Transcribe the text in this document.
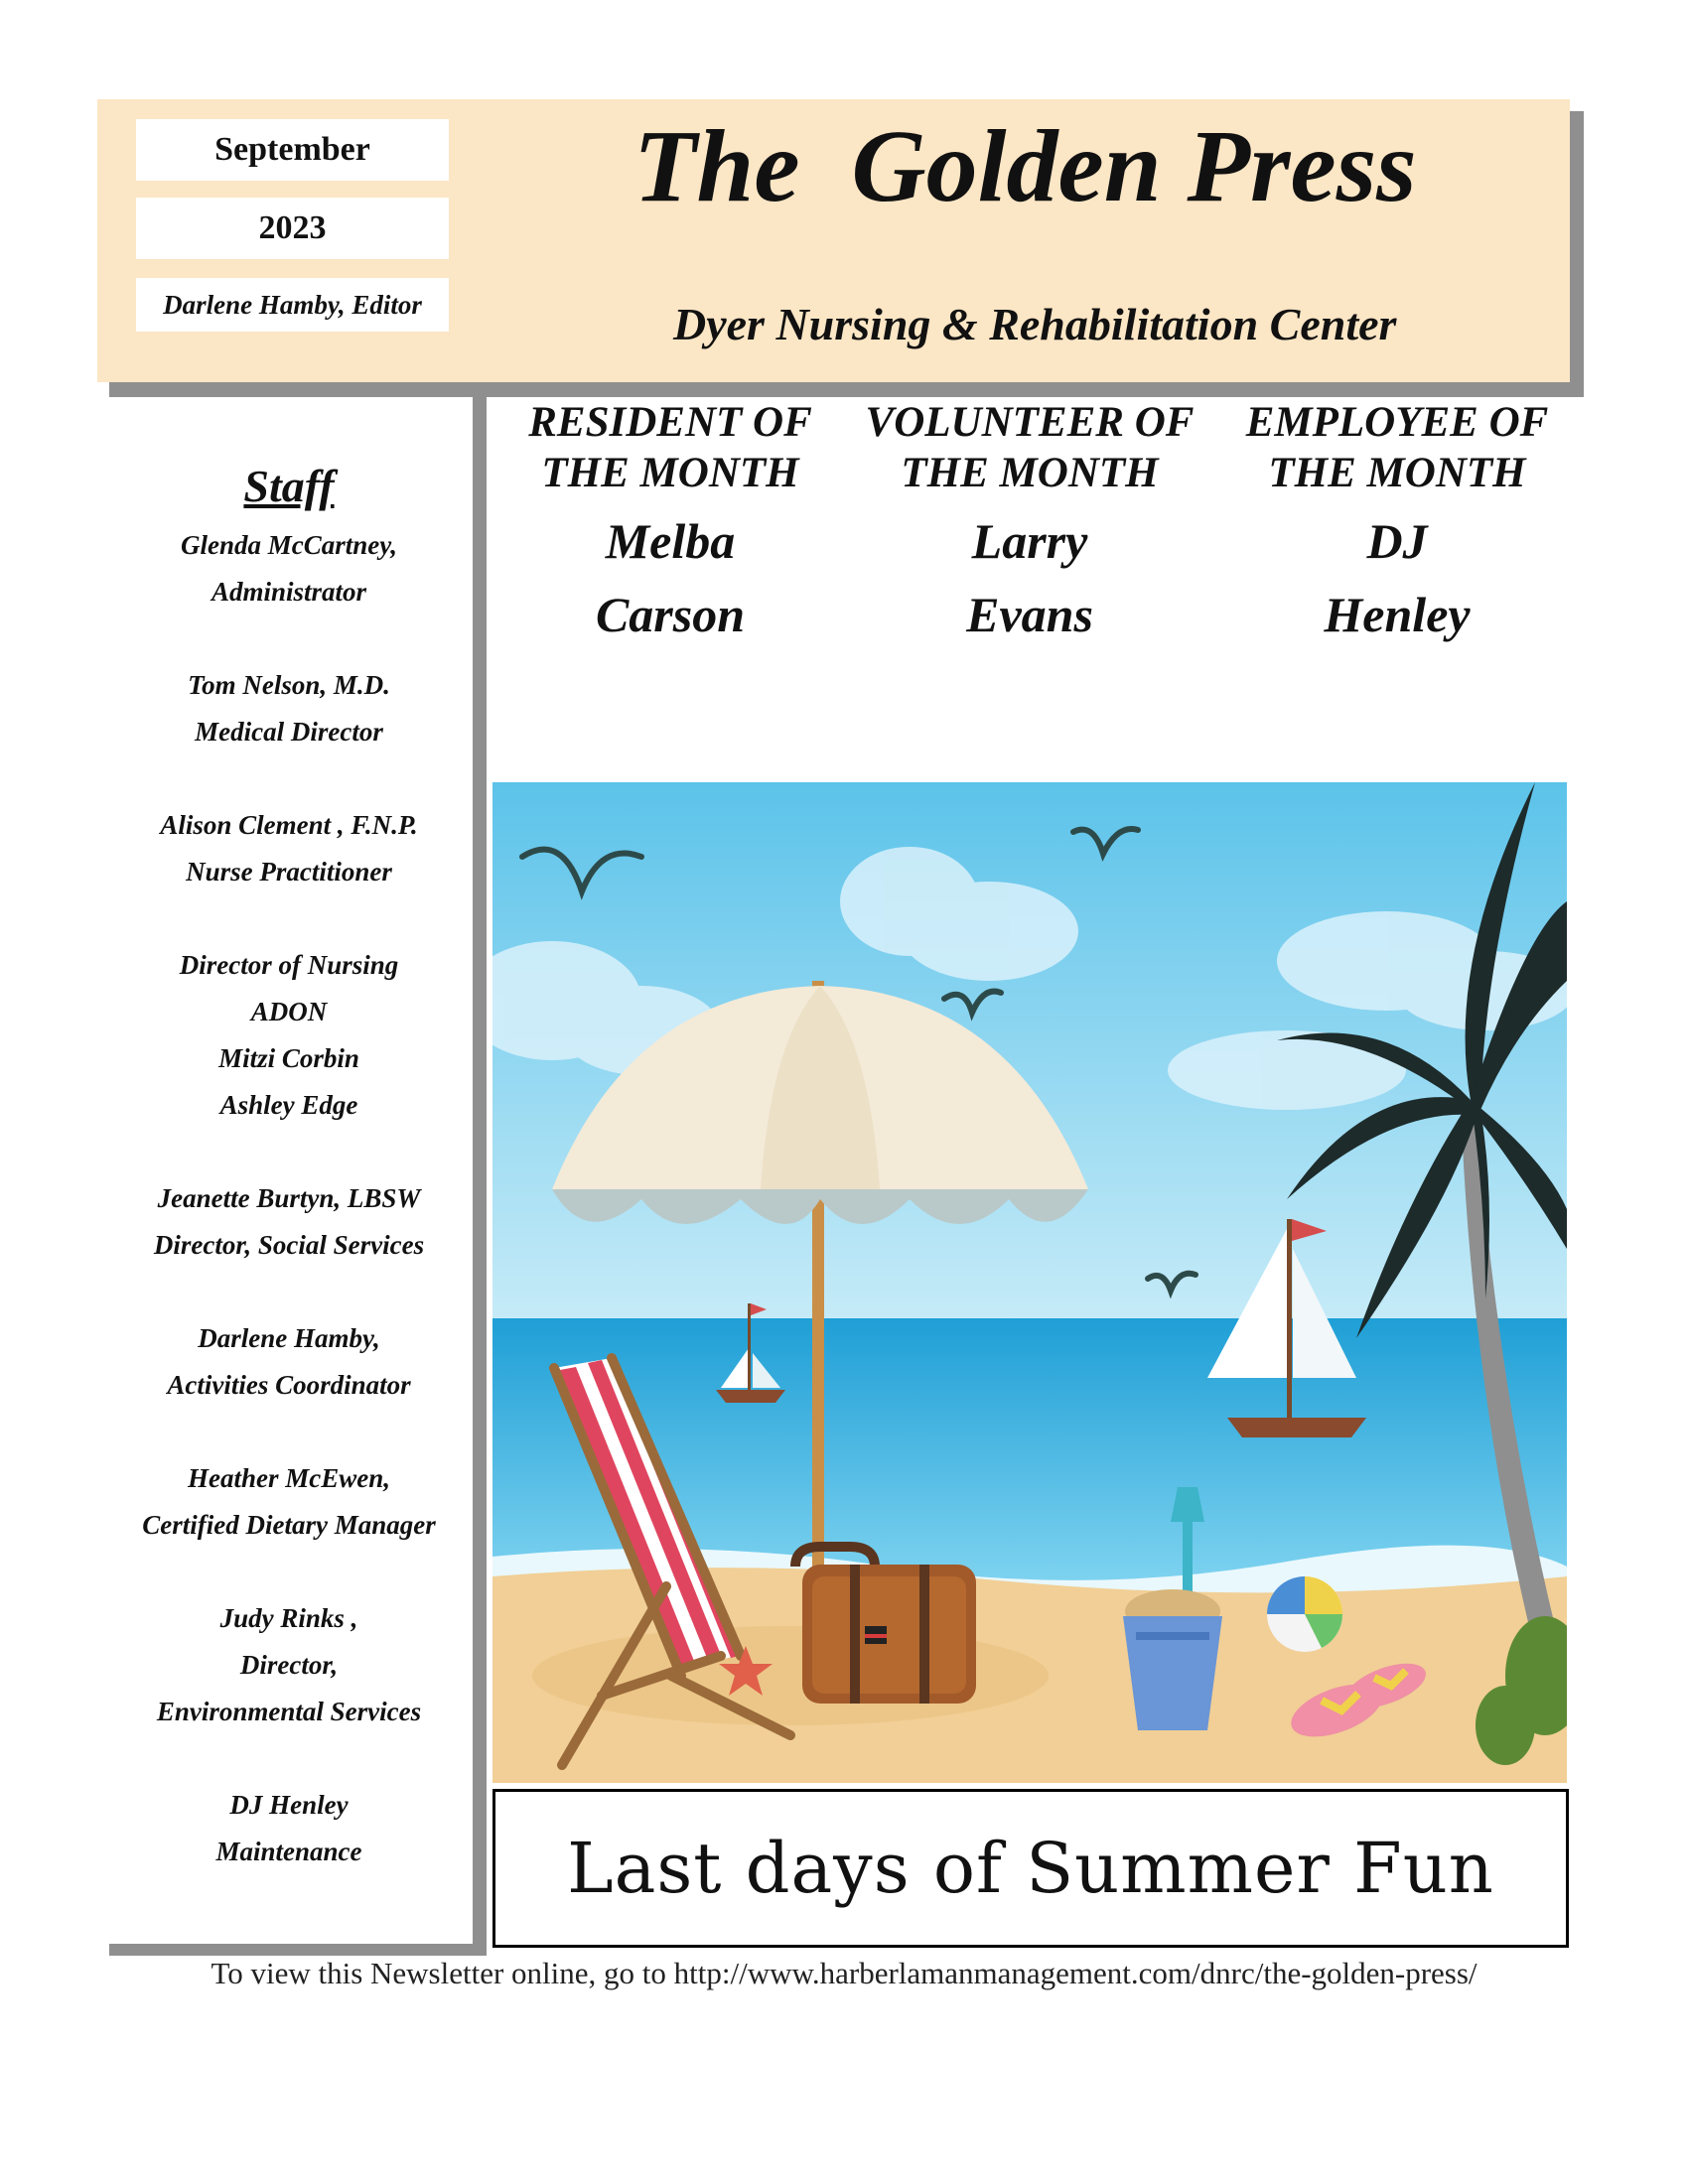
September
2023
Darlene Hamby, Editor
The  Golden Press
Dyer Nursing & Rehabilitation Center
Staff
Glenda McCartney,
Administrator
Tom Nelson, M.D.
Medical Director
Alison Clement , F.N.P.
Nurse Practitioner
Director of Nursing
ADON
Mitzi Corbin
Ashley Edge
Jeanette Burtyn, LBSW
Director, Social Services
Darlene Hamby,
Activities Coordinator
Heather McEwen,
Certified Dietary Manager
Judy Rinks ,
Director,
Environmental Services
DJ Henley
Maintenance
RESIDENT OF
THE MONTH
Melba
Carson
VOLUNTEER OF
THE MONTH
Larry
Evans
EMPLOYEE OF
THE MONTH
DJ
Henley
Last days of Summer Fun
To view this Newsletter online, go to http://www.harberlamanmanagement.com/dnrc/the-golden-press/
